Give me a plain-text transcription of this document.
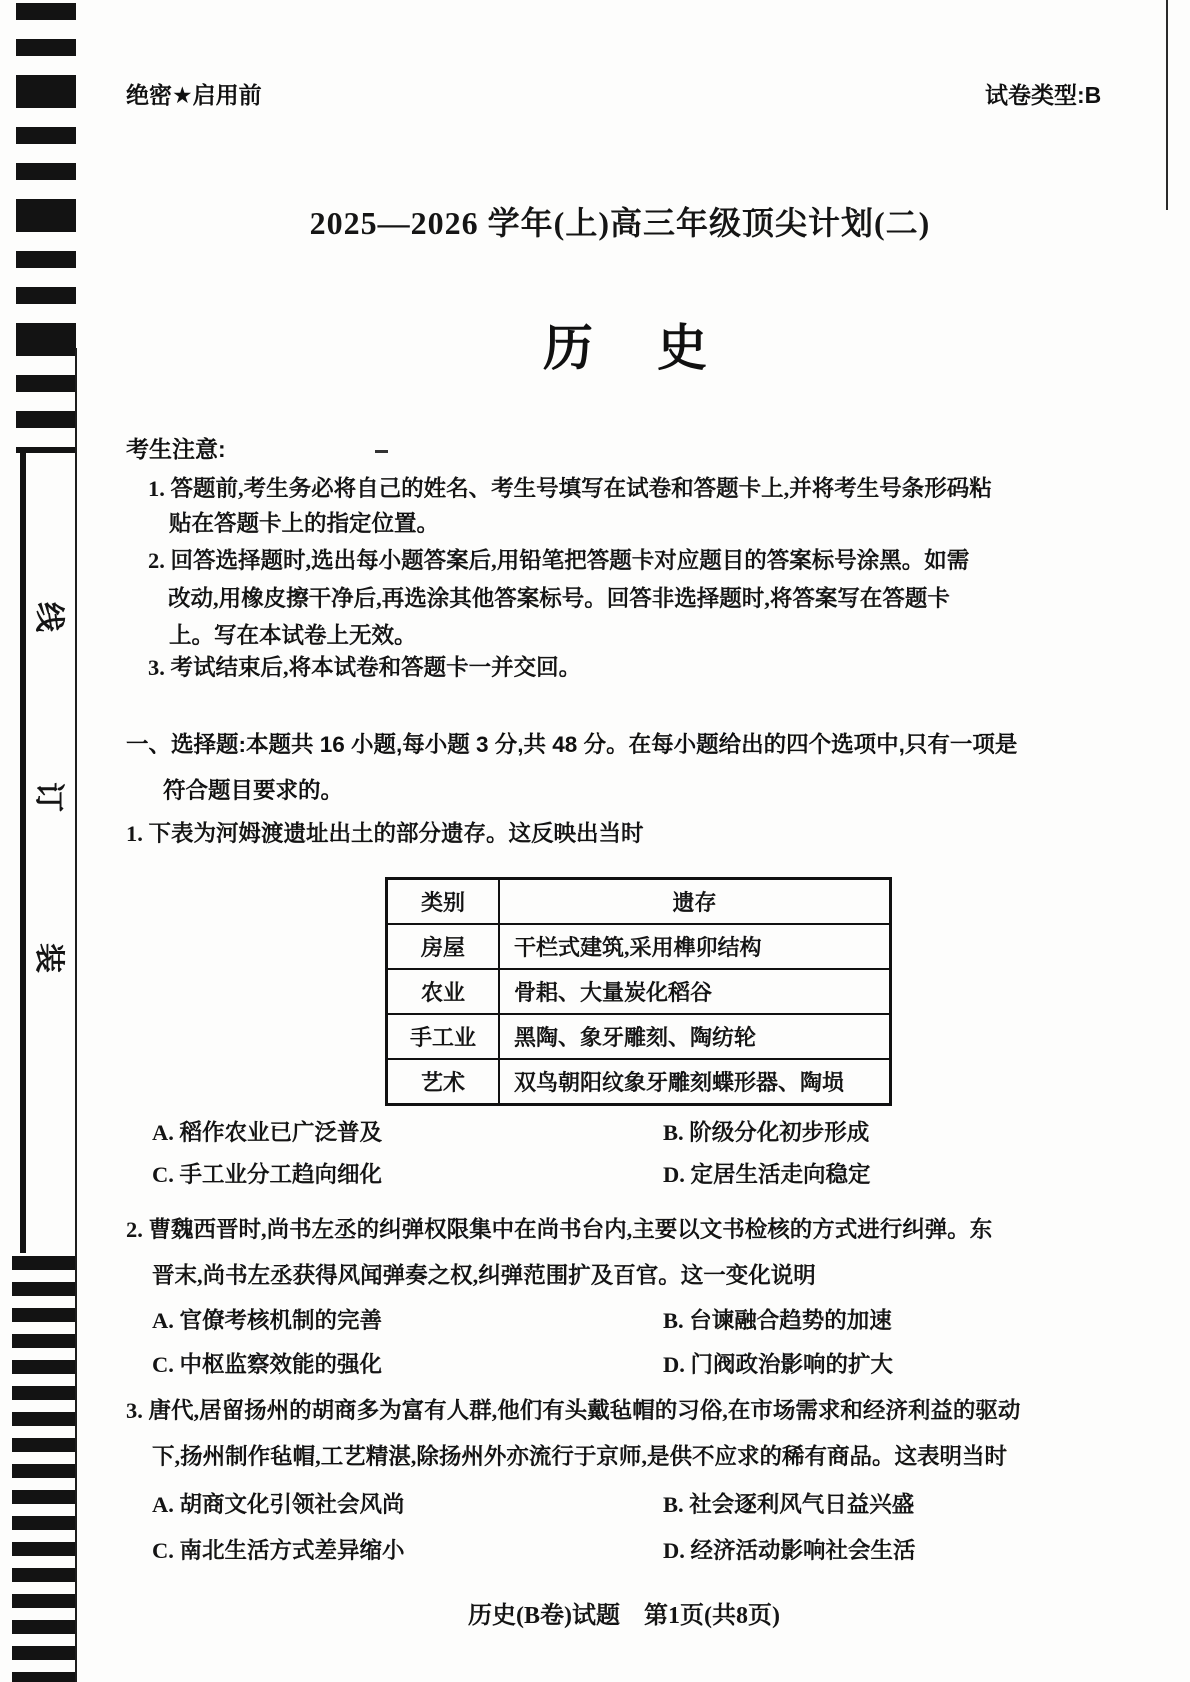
线
订
装
绝密★启用前	试卷类型:B
2025—2026 学年(上)高三年级顶尖计划(二)
历史
考生注意:
1. 答题前,考生务必将自己的姓名、考生号填写在试卷和答题卡上,并将考生号条形码粘
贴在答题卡上的指定位置。
2. 回答选择题时,选出每小题答案后,用铅笔把答题卡对应题目的答案标号涂黑。如需
改动,用橡皮擦干净后,再选涂其他答案标号。回答非选择题时,将答案写在答题卡
上。写在本试卷上无效。
3. 考试结束后,将本试卷和答题卡一并交回。
一、选择题:本题共 16 小题,每小题 3 分,共 48 分。在每小题给出的四个选项中,只有一项是
符合题目要求的。
1. 下表为河姆渡遗址出土的部分遗存。这反映出当时
类别	遗存
房屋	干栏式建筑,采用榫卯结构
农业	骨耜、大量炭化稻谷
手工业	黑陶、象牙雕刻、陶纺轮
艺术	双鸟朝阳纹象牙雕刻蝶形器、陶埙
A. 稻作农业已广泛普及	B. 阶级分化初步形成
C. 手工业分工趋向细化	D. 定居生活走向稳定
2. 曹魏西晋时,尚书左丞的纠弹权限集中在尚书台内,主要以文书检核的方式进行纠弹。东
晋末,尚书左丞获得风闻弹奏之权,纠弹范围扩及百官。这一变化说明
A. 官僚考核机制的完善	B. 台谏融合趋势的加速
C. 中枢监察效能的强化	D. 门阀政治影响的扩大
3. 唐代,居留扬州的胡商多为富有人群,他们有头戴毡帽的习俗,在市场需求和经济利益的驱动
下,扬州制作毡帽,工艺精湛,除扬州外亦流行于京师,是供不应求的稀有商品。这表明当时
A. 胡商文化引领社会风尚	B. 社会逐利风气日益兴盛
C. 南北生活方式差异缩小	D. 经济活动影响社会生活
历史(B卷)试题　第1页(共8页)
